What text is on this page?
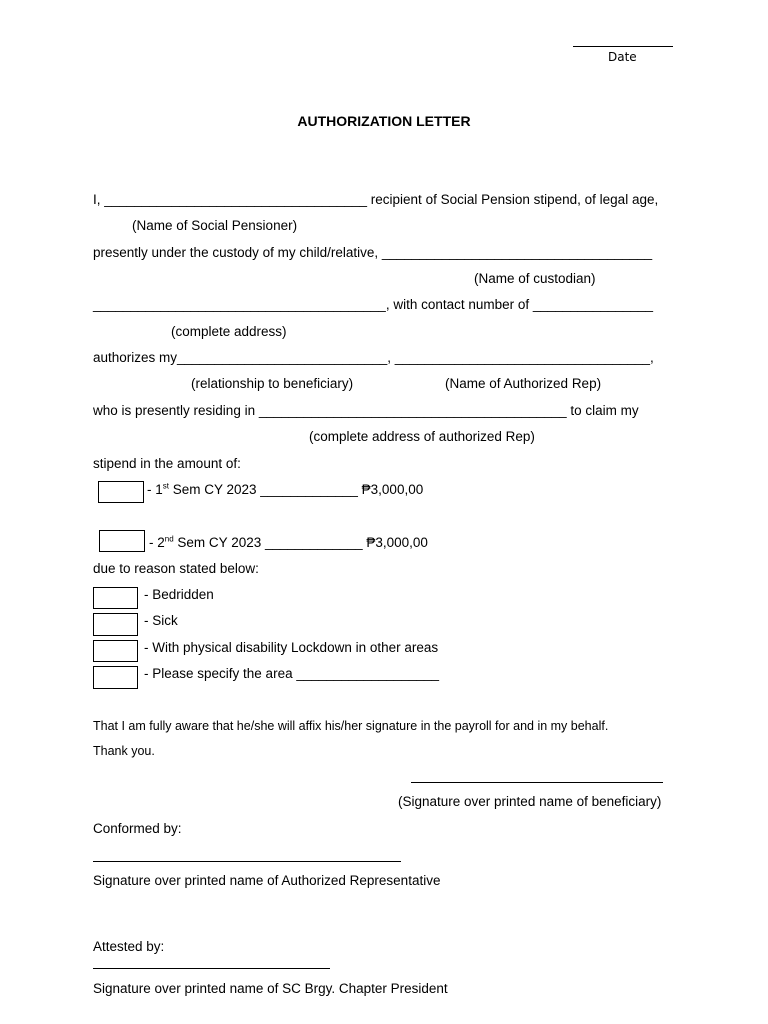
Date
AUTHORIZATION LETTER
I, ___________________________________ recipient of Social Pension stipend, of legal age,
(Name of Social Pensioner)
presently under the custody of my child/relative, ____________________________________
(Name of custodian)
_______________________________________, with contact number of ________________
(complete address)
authorizes my____________________________, __________________________________,
(relationship to beneficiary)	(Name of Authorized Rep)
who is presently residing in _________________________________________ to claim my
(complete address of authorized Rep)
stipend in the amount of:
- 1st Sem CY 2023 _____________ ₱3,000,00
- 2nd Sem CY 2023 _____________ ₱3,000,00
due to reason stated below:
- Bedridden
- Sick
- With physical disability Lockdown in other areas
- Please specify the area ___________________
That I am fully aware that he/she will affix his/her signature in the payroll for and in my behalf.
Thank you.
(Signature over printed name of beneficiary)
Conformed by:
Signature over printed name of Authorized Representative
Attested by:
Signature over printed name of SC Brgy. Chapter President
